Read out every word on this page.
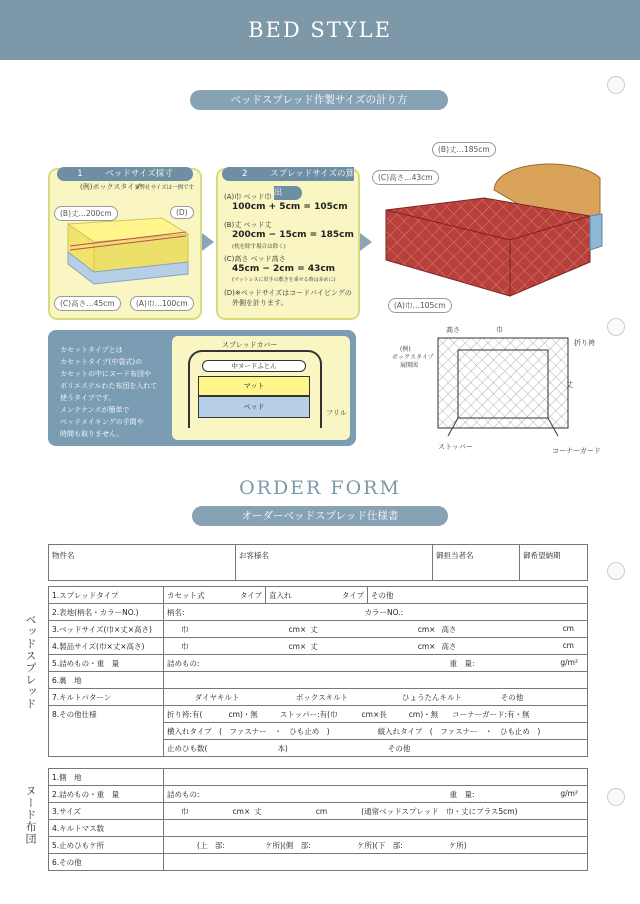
BED STYLE
ベッドスプレッド作製サイズの計り方
1	ベッドサイズ採寸
(例)ボックスタイプ
※弊社サイズは一例です
(B)丈…200cm	(D)
(C)高さ…45cm	(A)巾…100cm
2	スプレッドサイズの算出
(A)巾 ベッド巾
100cm + 5cm = 105cm
(B)丈 ベッド丈
200cm − 15cm = 185cm
(枕を除す場合は除く)
(C)高さ ベッド高さ
45cm − 2cm = 43cm
(マットレスに厚手の敷きを乗せる時は多めに)
(D)※ベッドサイズはコードパイピングの
外側を計ります。
(B)丈…185cm
(C)高さ…43cm
(A)巾…105cm
カセットタイプとは
カセットタイプ(中袋式)の
カセットの中にヌード布団や
ポリエステルわた布団を入れて
使うタイプです。
メンテナンスが簡単で
ベッドメイキングの手間や
時間も取りません。
スプレッドカバー
中ヌードふとん
マット
ベッド
フリル
(例)
ボックスタイプ
展開図
高さ	巾
折り袴
丈
ストッパー	コーナーガード
ORDER FORM
オーダーベッドスプレッド仕様書
物件名	お客様名	御担当者名	御希望納期
ベッドスプレッド
1.スプレッドタイプ	カセット式 タイプ	直入れ タイプ	その他
2.表地(柄名・カラーNO.)	柄名: カラーNO.:		
3.ベッドサイズ(巾×丈×高さ)	巾 cm× 丈 cm× 高さ cm		

4.製品サイズ(巾×丈×高さ)	巾 cm× 丈 cm× 高さ cm		

5.詰めもの・重　量	詰めもの: 重　量: g/m²		

6.裏　地			
7.キルトパターン	ダイヤキルト ボックスキルト ひょうたんキルト その他		
8.その他仕様	折り袴:有( cm)・無 ストッパー:有(巾 cm×長 cm)・無 コーナーガード:有・無		
	横入れタイプ　(　ファスナー　・　ひも止め　) 縦入れタイプ　(　ファスナー　・　ひも止め　)		
	止めひも数( 本) その他		
ヌード布団
1.側　地	
2.詰めもの・重　量	詰めもの: 重　量: g/m²

3.サイズ	巾 cm× 丈 cm (通常ベッドスプレッド　巾・丈にプラス5cm)
4.キルトマス数	
5.止めひもケ所	(上　部: ケ所)(側　部: ケ所)(下　部: ケ所)
6.その他	
